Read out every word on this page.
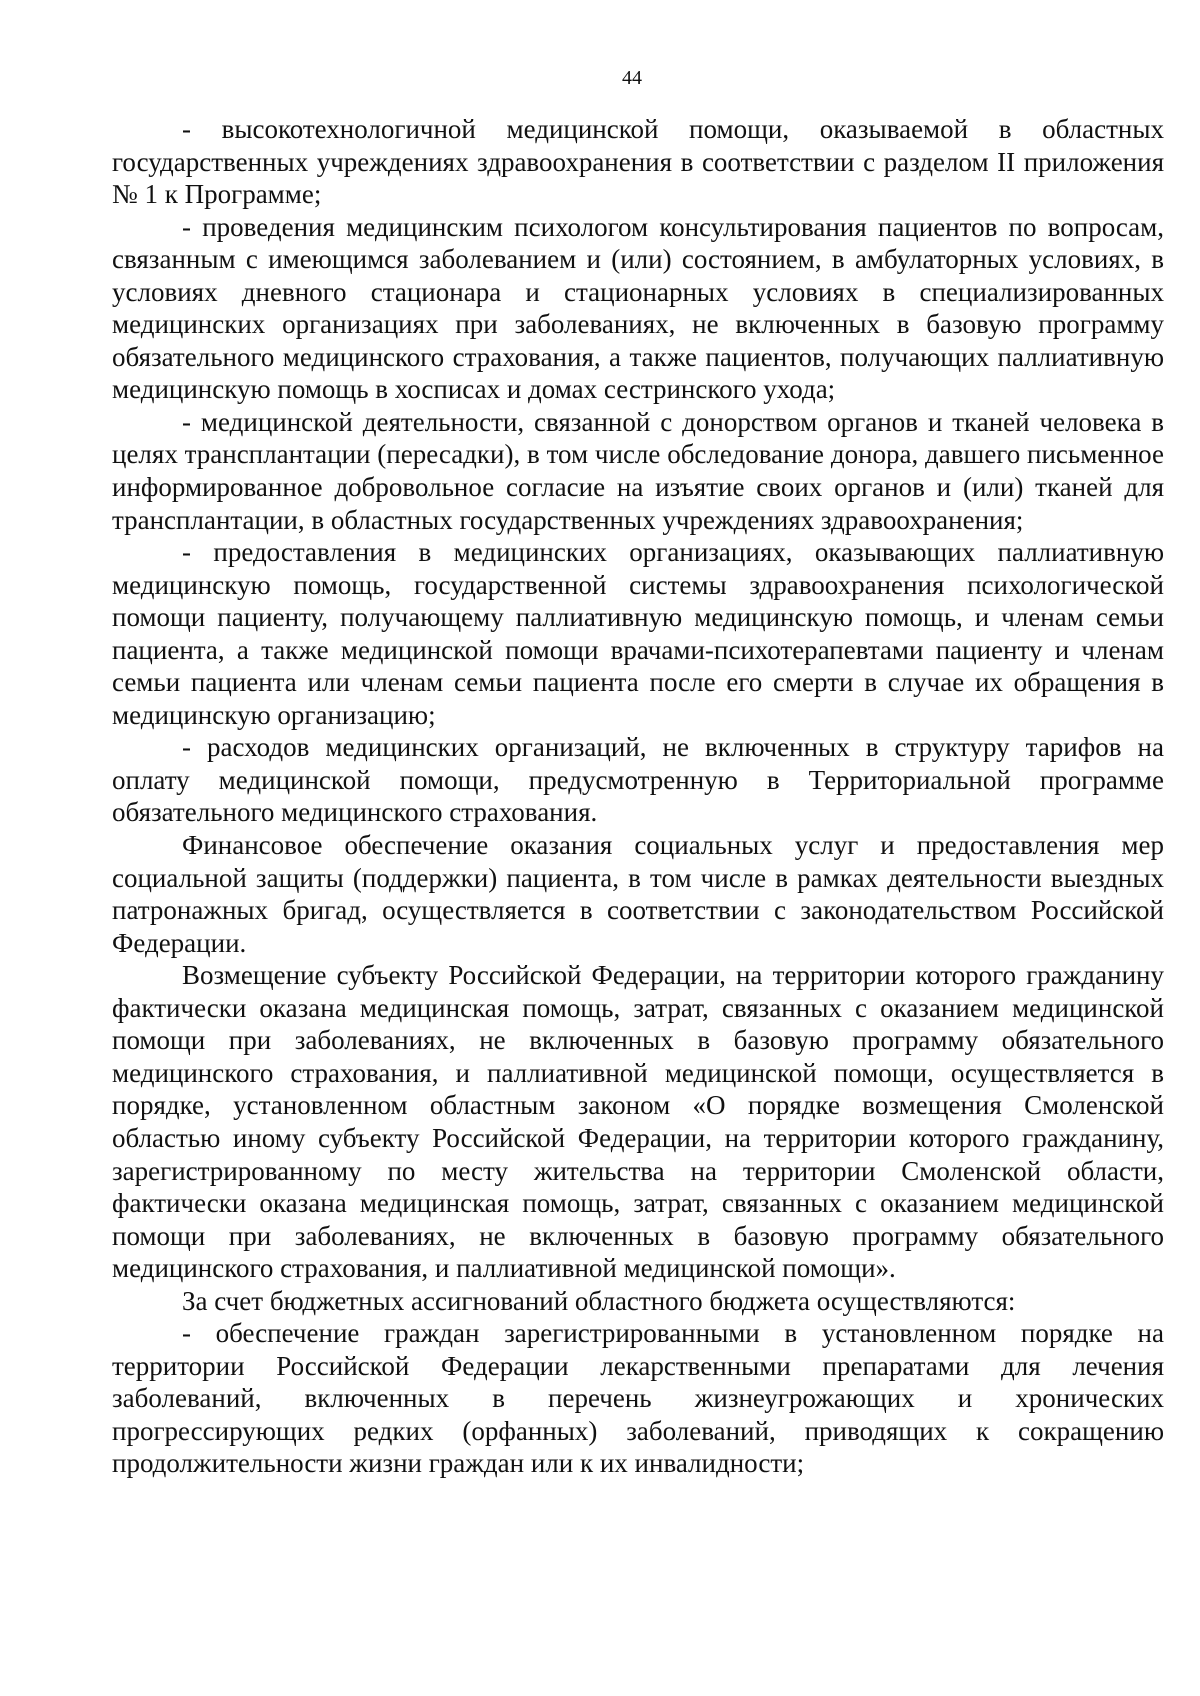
44

- высокотехнологичной медицинской помощи, оказываемой в областных государственных учреждениях здравоохранения в соответствии с разделом II приложения № 1 к Программе;

- проведения медицинским психологом консультирования пациентов по вопросам, связанным с имеющимся заболеванием и (или) состоянием, в амбулаторных условиях, в условиях дневного стационара и стационарных условиях в специализированных медицинских организациях при заболеваниях, не включенных в базовую программу обязательного медицинского страхования, а также пациентов, получающих паллиативную медицинскую помощь в хосписах и домах сестринского ухода;

- медицинской деятельности, связанной с донорством органов и тканей человека в целях трансплантации (пересадки), в том числе обследование донора, давшего письменное информированное добровольное согласие на изъятие своих органов и (или) тканей для трансплантации, в областных государственных учреждениях здравоохранения;

- предоставления в медицинских организациях, оказывающих паллиативную медицинскую помощь, государственной системы здравоохранения психологической помощи пациенту, получающему паллиативную медицинскую помощь, и членам семьи пациента, а также медицинской помощи врачами-психотерапевтами пациенту и членам семьи пациента или членам семьи пациента после его смерти в случае их обращения в медицинскую организацию;

- расходов медицинских организаций, не включенных в структуру тарифов на оплату медицинской помощи, предусмотренную в Территориальной программе обязательного медицинского страхования.

Финансовое обеспечение оказания социальных услуг и предоставления мер социальной защиты (поддержки) пациента, в том числе в рамках деятельности выездных патронажных бригад, осуществляется в соответствии с законодательством Российской Федерации.

Возмещение субъекту Российской Федерации, на территории которого гражданину фактически оказана медицинская помощь, затрат, связанных с оказанием медицинской помощи при заболеваниях, не включенных в базовую программу обязательного медицинского страхования, и паллиативной медицинской помощи, осуществляется в порядке, установленном областным законом «О порядке возмещения Смоленской областью иному субъекту Российской Федерации, на территории которого гражданину, зарегистрированному по месту жительства на территории Смоленской области, фактически оказана медицинская помощь, затрат, связанных с оказанием медицинской помощи при заболеваниях, не включенных в базовую программу обязательного медицинского страхования, и паллиативной медицинской помощи».

За счет бюджетных ассигнований областного бюджета осуществляются:

- обеспечение граждан зарегистрированными в установленном порядке на территории Российской Федерации лекарственными препаратами для лечения заболеваний, включенных в перечень жизнеугрожающих и хронических прогрессирующих редких (орфанных) заболеваний, приводящих к сокращению продолжительности жизни граждан или к их инвалидности;
